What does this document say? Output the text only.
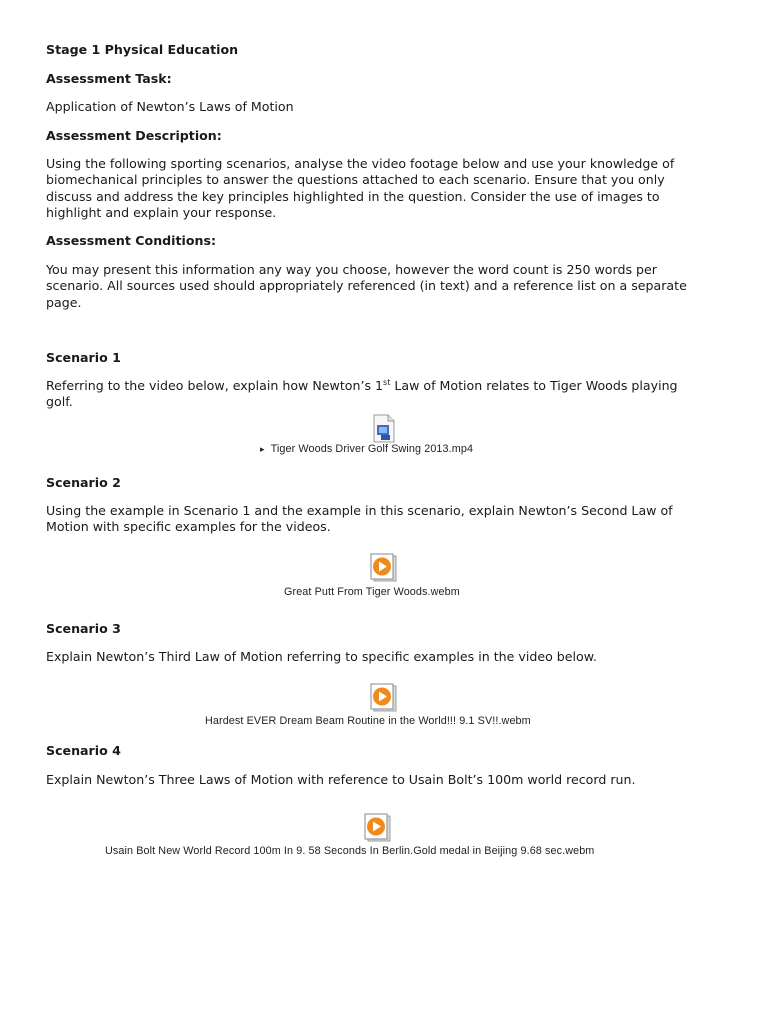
Stage 1 Physical Education
Assessment Task:
Application of Newton’s Laws of Motion
Assessment Description:
Using the following sporting scenarios, analyse the video footage below and use your knowledge of biomechanical principles to answer the questions attached to each scenario. Ensure that you only discuss and address the key principles highlighted in the question. Consider the use of images to highlight and explain your response.
Assessment Conditions:
You may present this information any way you choose, however the word count is 250 words per scenario. All sources used should appropriately referenced (in text) and a reference list on a separate page.
Scenario 1
Referring to the video below, explain how Newton’s 1st Law of Motion relates to Tiger Woods playing golf.
▸ Tiger Woods Driver Golf Swing 2013.mp4
Scenario 2
Using the example in Scenario 1 and the example in this scenario, explain Newton’s Second Law of Motion with specific examples for the videos.
Great Putt From Tiger Woods.webm
Scenario 3
Explain Newton’s Third Law of Motion referring to specific examples in the video below.
Hardest EVER Dream Beam Routine in the World!!! 9.1 SV!!.webm
Scenario 4
Explain Newton’s Three Laws of Motion with reference to Usain Bolt’s 100m world record run.
Usain Bolt New World Record 100m In 9. 58 Seconds In Berlin.Gold medal in Beijing 9.68 sec.webm
